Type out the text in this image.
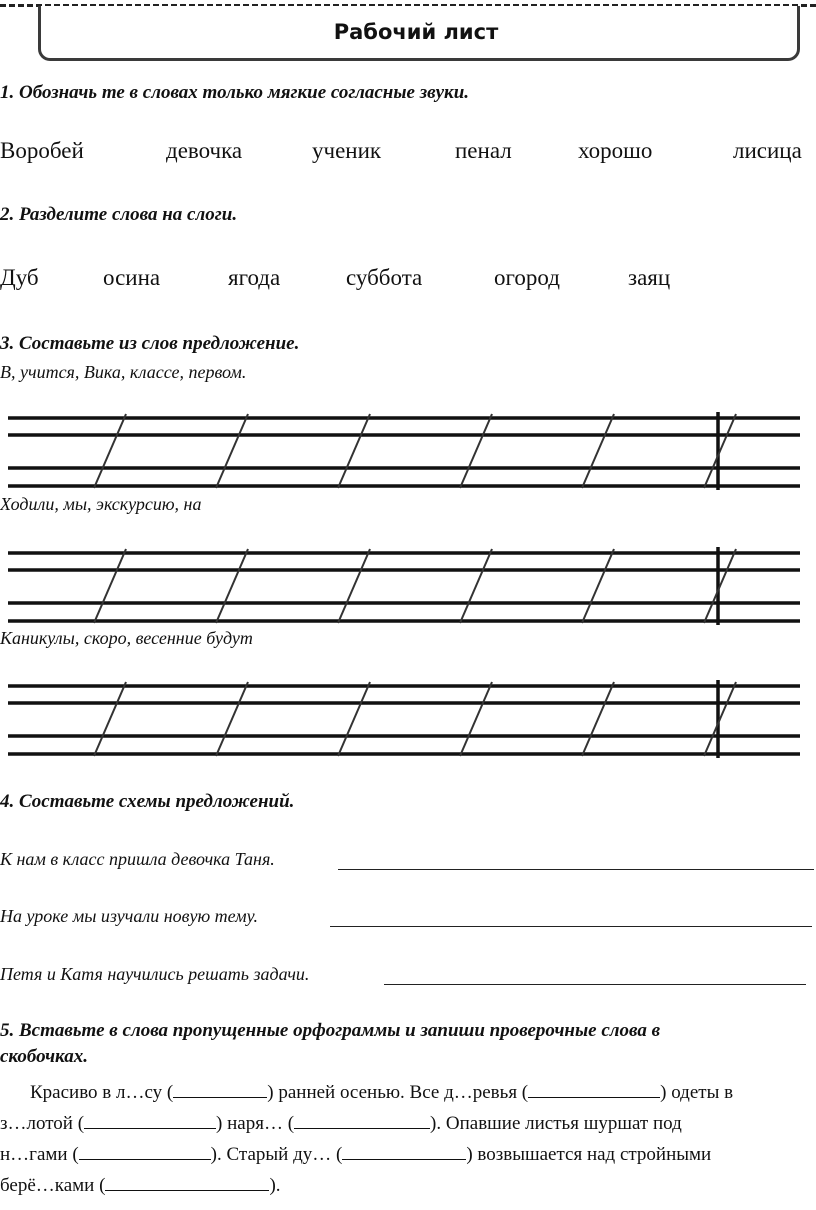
Рабочий лист
1. Обозначь те в словах только мягкие согласные звуки.
Воробей	девочка	ученик	пенал	хорошо	лисица
2. Разделите слова на слоги.
Дуб	осина	ягода	суббота	огород	заяц
3. Составьте из слов предложение.
В, учится, Вика, классе, первом.
Ходили, мы, экскурсию, на
Каникулы, скоро, весенние будут
4. Составьте схемы предложений.
К нам в класс пришла девочка Таня.
На уроке мы изучали новую тему.
Петя и Катя научились решать задачи.
5. Вставьте в слова пропущенные орфограммы и запиши проверочные слова в
скобочках.

Красиво в л…су (	) ранней осенью. Все д…ревья (	) одеты в

з…лотой (	) наря… (	). Опавшие листья шуршат под

н…гами (	). Старый ду… (	) возвышается над стройными

берё…ками (	).
